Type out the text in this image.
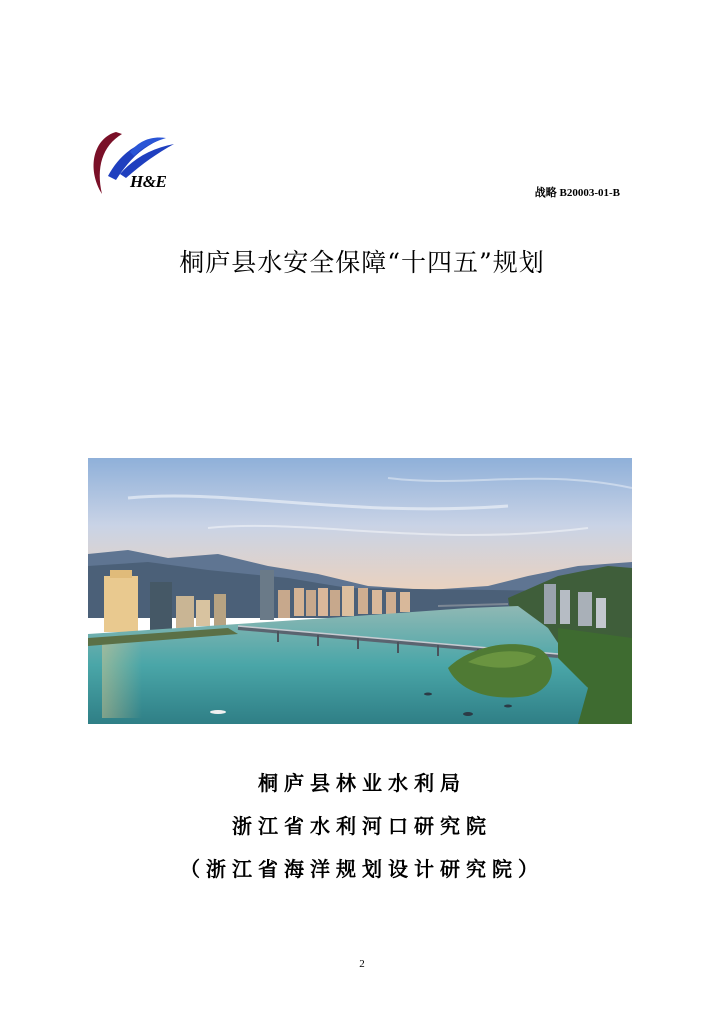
H&E
战略 B20003-01-B
桐庐县水安全保障“十四五”规划
桐庐县林业水利局
浙江省水利河口研究院
（浙江省海洋规划设计研究院）
2
